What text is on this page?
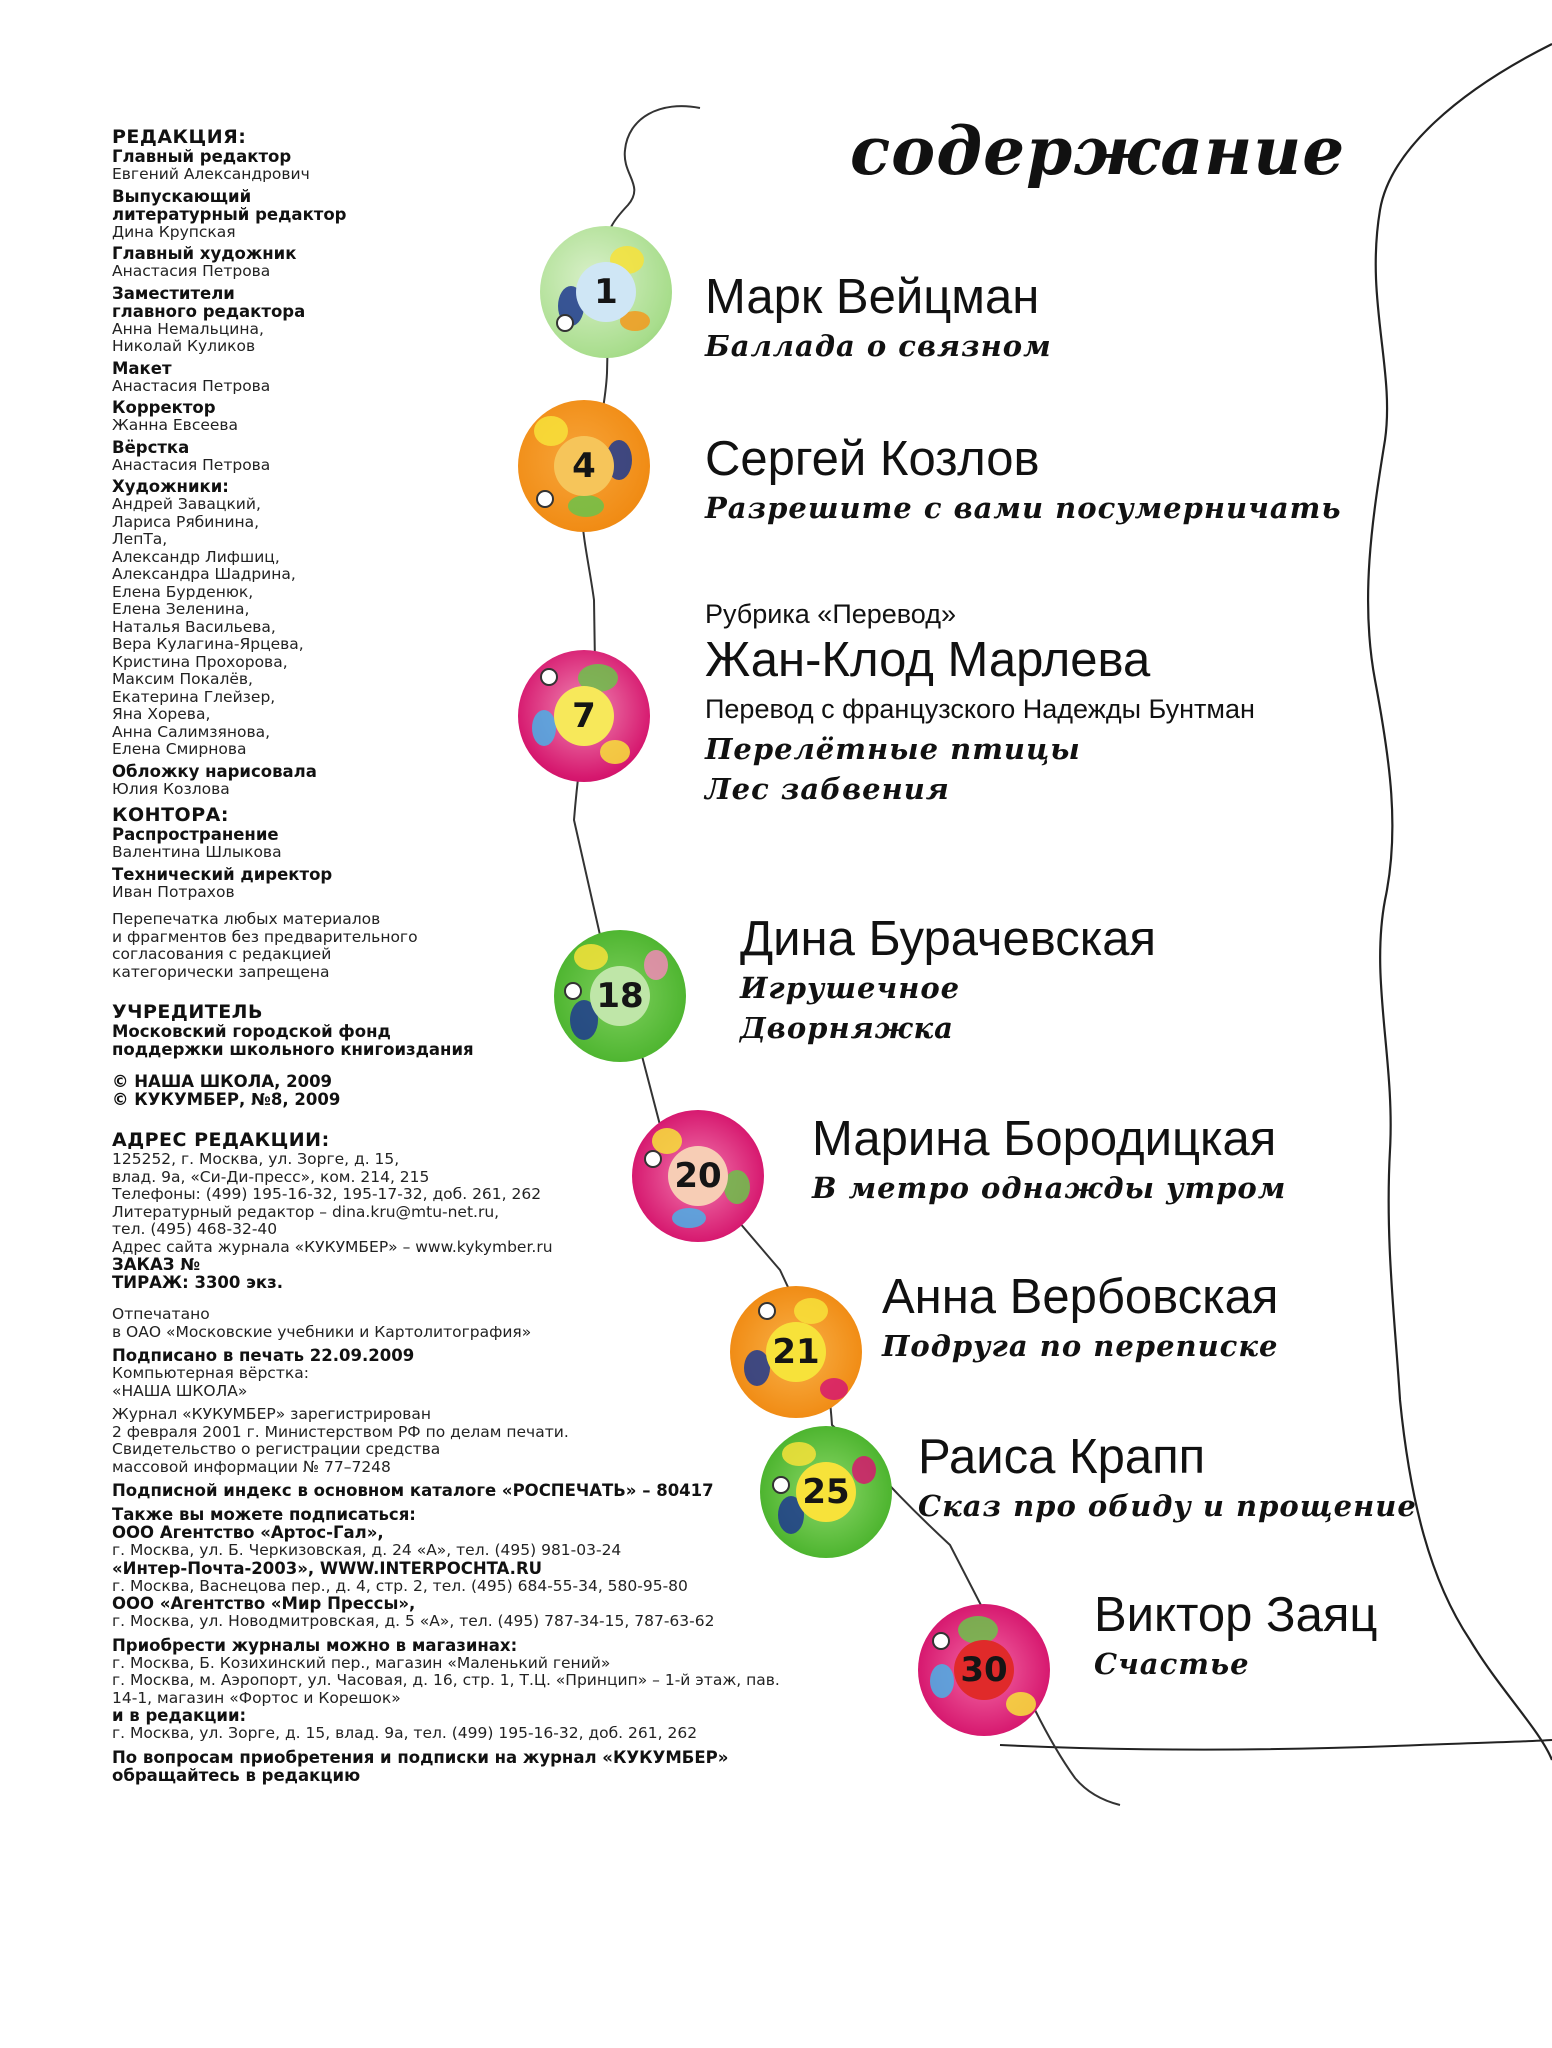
содержание
РЕДАКЦИЯ:
Главный редактор
Евгений Александрович
Выпускающий
литературный редактор
Дина Крупская
Главный художник
Анастасия Петрова
Заместители
главного редактора
Анна Немальцина,
Николай Куликов
Макет
Анастасия Петрова
Корректор
Жанна Евсеева
Вёрстка
Анастасия Петрова
Художники:
Андрей Завацкий,
Лариса Рябинина,
ЛепТа,
Александр Лифшиц,
Александра Шадрина,
Елена Бурденюк,
Елена Зеленина,
Наталья Васильева,
Вера Кулагина-Ярцева,
Кристина Прохорова,
Максим Покалёв,
Екатерина Глейзер,
Яна Хорева,
Анна Салимзянова,
Елена Смирнова
Обложку нарисовала
Юлия Козлова
КОНТОРА:
Распространение
Валентина Шлыкова
Технический директор
Иван Потрахов
Перепечатка любых материалов
и фрагментов без предварительного
согласования с редакцией
категорически запрещена
УЧРЕДИТЕЛЬ
Московский городской фонд
поддержки школьного книгоиздания
© НАША ШКОЛА, 2009
© КУКУМБЕР, №8, 2009
АДРЕС РЕДАКЦИИ:
125252, г. Москва, ул. Зорге, д. 15,
влад. 9а, «Си-Ди-пресс», ком. 214, 215
Телефоны: (499) 195-16-32, 195-17-32, доб. 261, 262
Литературный редактор – dina.kru@mtu-net.ru,
тел. (495) 468-32-40
Адрес сайта журнала «КУКУМБЕР» – www.kykymber.ru
ЗАКАЗ №
ТИРАЖ: 3300 экз.
Отпечатано
в ОАО «Московские учебники и Картолитография»
Подписано в печать 22.09.2009
Компьютерная вёрстка:
«НАША ШКОЛА»
Журнал «КУКУМБЕР» зарегистрирован
2 февраля 2001 г. Министерством РФ по делам печати.
Свидетельство о регистрации средства
массовой информации № 77–7248
Подписной индекс в основном каталоге «РОСПЕЧАТЬ» – 80417
Также вы можете подписаться:
ООО Агентство «Артос-Гал»,
г. Москва, ул. Б. Черкизовская, д. 24 «А», тел. (495) 981-03-24
«Интер-Почта-2003», WWW.INTERPOCHTA.RU
г. Москва, Васнецова пер., д. 4, стр. 2, тел. (495) 684-55-34, 580-95-80
ООО «Агентство «Мир Прессы»,
г. Москва, ул. Новодмитровская, д. 5 «А», тел. (495) 787-34-15, 787-63-62
Приобрести журналы можно в магазинах:
г. Москва, Б. Козихинский пер., магазин «Маленький гений»
г. Москва, м. Аэропорт, ул. Часовая, д. 16, стр. 1, Т.Ц. «Принцип» – 1-й этаж, пав.
14-1, магазин «Фортос и Корешок»
и в редакции:
г. Москва, ул. Зорге, д. 15, влад. 9а, тел. (499) 195-16-32, доб. 261, 262
По вопросам приобретения и подписки на журнал «КУКУМБЕР»
обращайтесь в редакцию
1
4
7
18
20
21
25
30
Марк Вейцман
Баллада о связном
Сергей Козлов
Разрешите с вами посумерничать
Рубрика «Перевод»
Жан-Клод Марлева
Перевод с французского Надежды Бунтман
Перелётные птицы
Лес забвения
Дина Бурачевская
Игрушечное
Дворняжка
Марина Бородицкая
В метро однажды утром
Анна Вербовская
Подруга по переписке
Раиса Крапп
Сказ про обиду и прощение
Виктор Заяц
Счастье
